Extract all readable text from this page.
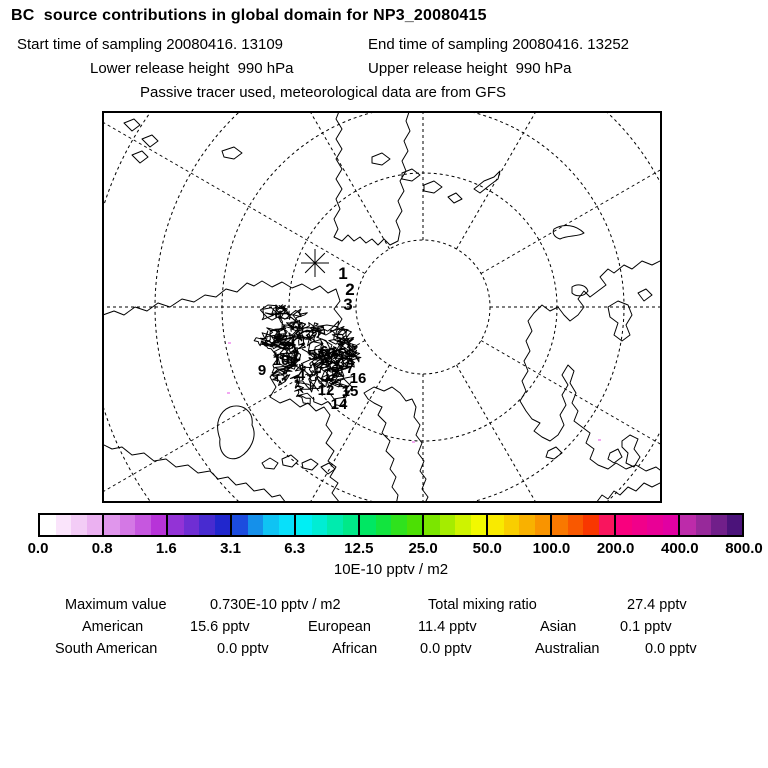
BC  source contributions in global domain for NP3_20080415
Start time of sampling 20080416. 13109	End time of sampling 20080416. 13252
Lower release height  990 hPa	Upper release height  990 hPa
Passive tracer used, meteorological data are from GFS
1
2
3
9
10 7 5 6
4	7
16
12 15
14
0.0	0.8	1.6	3.1	6.3	12.5	25.0	50.0	100.0	200.0	400.0	800.0
10E-10 pptv / m2
Maximum value	0.730E-10 pptv / m2	Total mixing ratio	27.4 pptv
American	15.6 pptv	European	11.4 pptv	Asian	0.1 pptv
South American	0.0 pptv	African	0.0 pptv	Australian	0.0 pptv
